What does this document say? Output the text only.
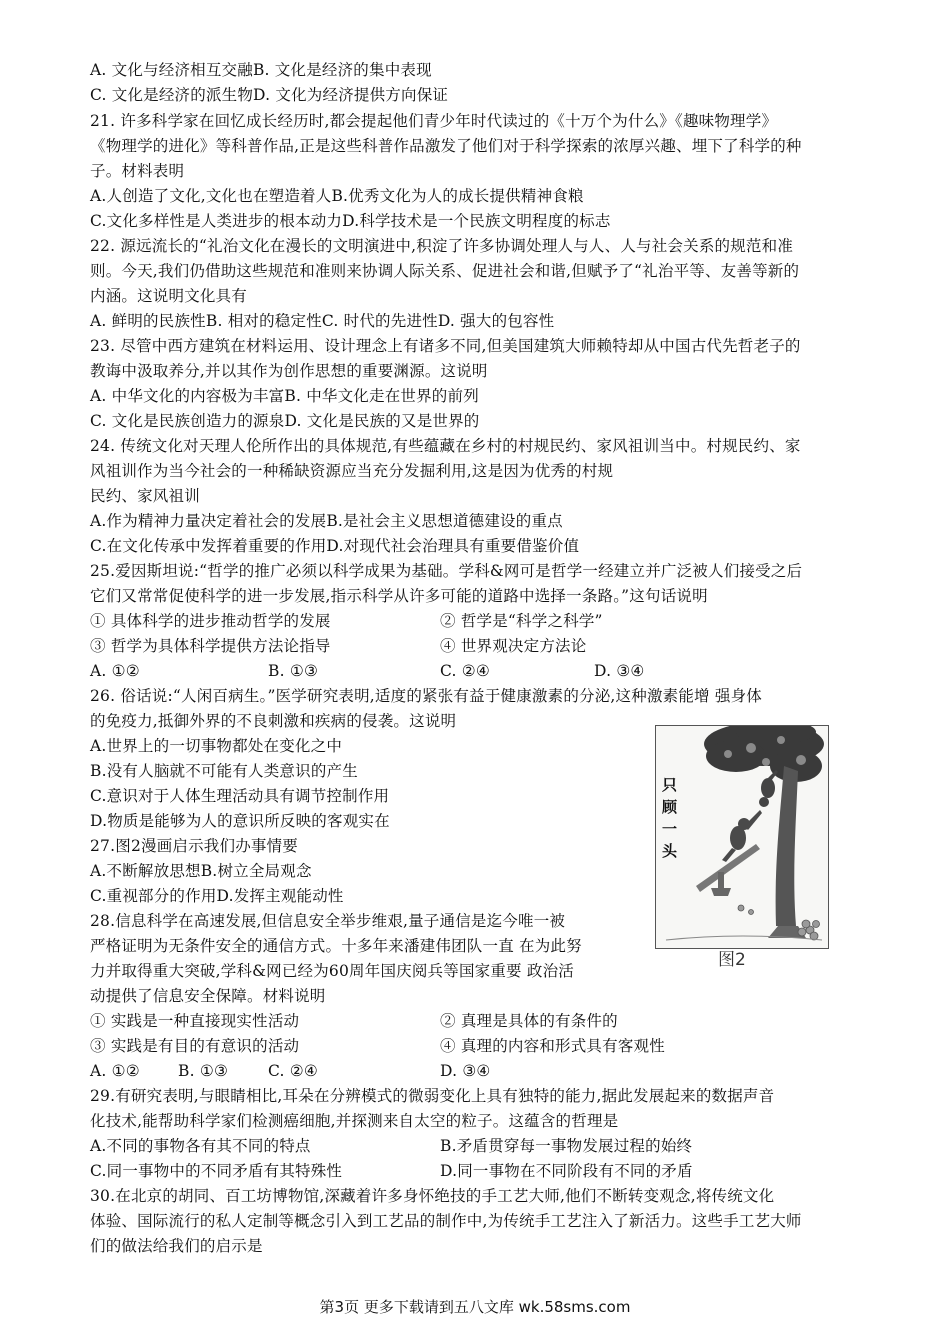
A. 文化与经济相互交融B. 文化是经济的集中表现
C. 文化是经济的派生物D. 文化为经济提供方向保证
21. 许多科学家在回忆成长经历时,都会提起他们青少年时代读过的《十万个为什么》《趣味物理学》
《物理学的进化》等科普作品,正是这些科普作品激发了他们对于科学探索的浓厚兴趣、埋下了科学的种
子。材料表明
A.人创造了文化,文化也在塑造着人B.优秀文化为人的成长提供精神食粮
C.文化多样性是人类进步的根本动力D.科学技术是一个民族文明程度的标志
22. 源远流长的“礼治文化在漫长的文明演进中,积淀了许多协调处理人与人、人与社会关系的规范和准
则。今天,我们仍借助这些规范和准则来协调人际关系、促进社会和谐,但赋予了“礼治平等、友善等新的
内涵。这说明文化具有
A. 鲜明的民族性B. 相对的稳定性C. 时代的先进性D. 强大的包容性
23. 尽管中西方建筑在材料运用、设计理念上有诸多不同,但美国建筑大师赖特却从中国古代先哲老子的
教诲中汲取养分,并以其作为创作思想的重要渊源。这说明
A. 中华文化的内容极为丰富B. 中华文化走在世界的前列
C. 文化是民族创造力的源泉D. 文化是民族的又是世界的
24. 传统文化对天理人伦所作出的具体规范,有些蕴藏在乡村的村规民约、家风祖训当中。村规民约、家
风祖训作为当今社会的一种稀缺资源应当充分发掘利用,这是因为优秀的村规
民约、家风祖训
A.作为精神力量决定着社会的发展B.是社会主义思想道德建设的重点
C.在文化传承中发挥着重要的作用D.对现代社会治理具有重要借鉴价值
25.爱因斯坦说:“哲学的推广必须以科学成果为基础。学科&网可是哲学一经建立并广泛被人们接受之后
它们又常常促使科学的进一步发展,指示科学从许多可能的道路中选择一条路。”这句话说明
① 具体科学的进步推动哲学的发展	② 哲学是“科学之科学”
③ 哲学为具体科学提供方法论指导	④ 世界观决定方法论
A. ①②	B. ①③	C. ②④	D. ③④
26. 俗话说:“人闲百病生。”医学研究表明,适度的紧张有益于健康激素的分泌,这种激素能增 强身体
的免疫力,抵御外界的不良刺激和疾病的侵袭。这说明
A.世界上的一切事物都处在变化之中
B.没有人脑就不可能有人类意识的产生
C.意识对于人体生理活动具有调节控制作用
D.物质是能够为人的意识所反映的客观实在
27.图2漫画启示我们办事情要
A.不断解放思想B.树立全局观念
C.重视部分的作用D.发挥主观能动性
28.信息科学在高速发展,但信息安全举步维艰,量子通信是迄今唯一被
严格证明为无条件安全的通信方式。十多年来潘建伟团队一直 在为此努
力并取得重大突破,学科&网已经为60周年国庆阅兵等国家重要 政治活
动提供了信息安全保障。材料说明
只顾一头
图2
① 实践是一种直接现实性活动	② 真理是具体的有条件的
③ 实践是有目的有意识的活动	④ 真理的内容和形式具有客观性
A. ①② B. ①③	C. ②④	D. ③④
29.有研究表明,与眼睛相比,耳朵在分辨模式的微弱变化上具有独特的能力,据此发展起来的数据声音
化技术,能帮助科学家们检测癌细胞,并探测来自太空的粒子。这蕴含的哲理是
A.不同的事物各有其不同的特点	B.矛盾贯穿每一事物发展过程的始终
C.同一事物中的不同矛盾有其特殊性	D.同一事物在不同阶段有不同的矛盾
30.在北京的胡同、百工坊博物馆,深藏着许多身怀绝技的手工艺大师,他们不断转变观念,将传统文化
体验、国际流行的私人定制等概念引入到工艺品的制作中,为传统手工艺注入了新活力。这些手工艺大师
们的做法给我们的启示是
第3页 更多下载请到五八文库 wk.58sms.com
